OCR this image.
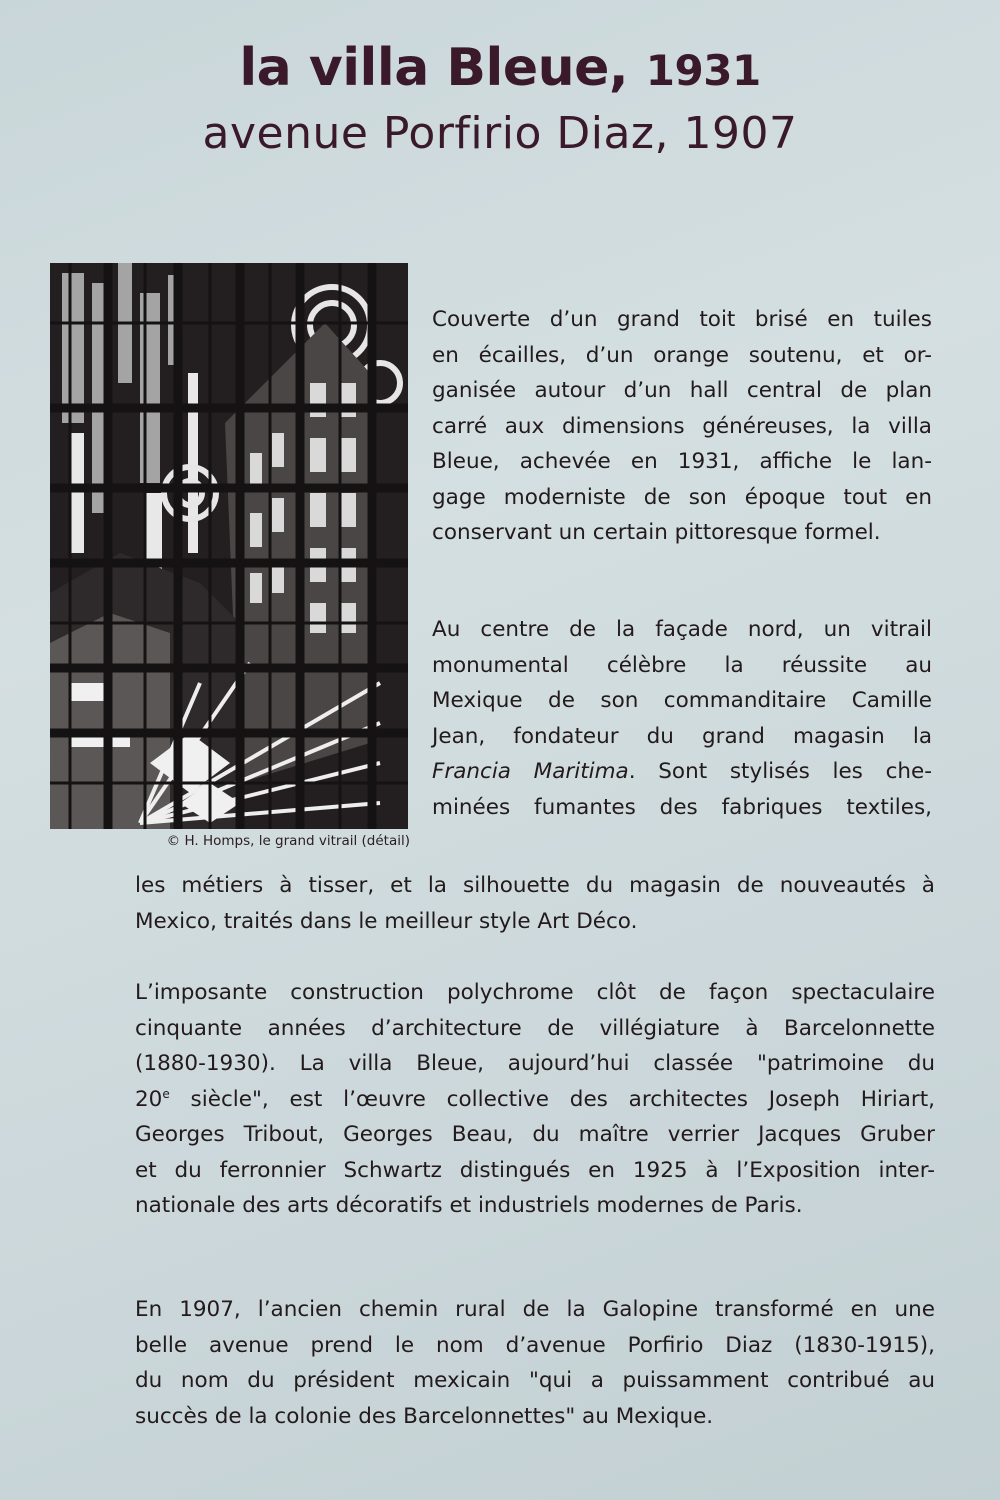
la villa Bleue, 1931
avenue Porfirio Diaz, 1907
© H. Homps, le grand vitrail (détail)
Couverte d’un grand toit brisé en tuiles
en écailles, d’un orange soutenu, et or-
ganisée autour d’un hall central de plan
carré aux dimensions généreuses, la villa
Bleue, achevée en 1931, affiche le lan-
gage moderniste de son époque tout en
conservant un certain pittoresque formel.
Au centre de la façade nord, un vitrail
monumental célèbre la réussite au
Mexique de son commanditaire Camille
Jean, fondateur du grand magasin la
Francia Maritima. Sont stylisés les che-
minées fumantes des fabriques textiles,
les métiers à tisser, et la silhouette du magasin de nouveautés à
Mexico, traités dans le meilleur style Art Déco.
L’imposante construction polychrome clôt de façon spectaculaire
cinquante années d’architecture de villégiature à Barcelonnette
(1880-1930). La villa Bleue, aujourd’hui classée "patrimoine du
20e siècle", est l’œuvre collective des architectes Joseph Hiriart,
Georges Tribout, Georges Beau, du maître verrier Jacques Gruber
et du ferronnier Schwartz distingués en 1925 à l’Exposition inter-
nationale des arts décoratifs et industriels modernes de Paris.
En 1907, l’ancien chemin rural de la Galopine transformé en une
belle avenue prend le nom d’avenue Porfirio Diaz (1830-1915),
du nom du président mexicain "qui a puissamment contribué au
succès de la colonie des Barcelonnettes" au Mexique.
